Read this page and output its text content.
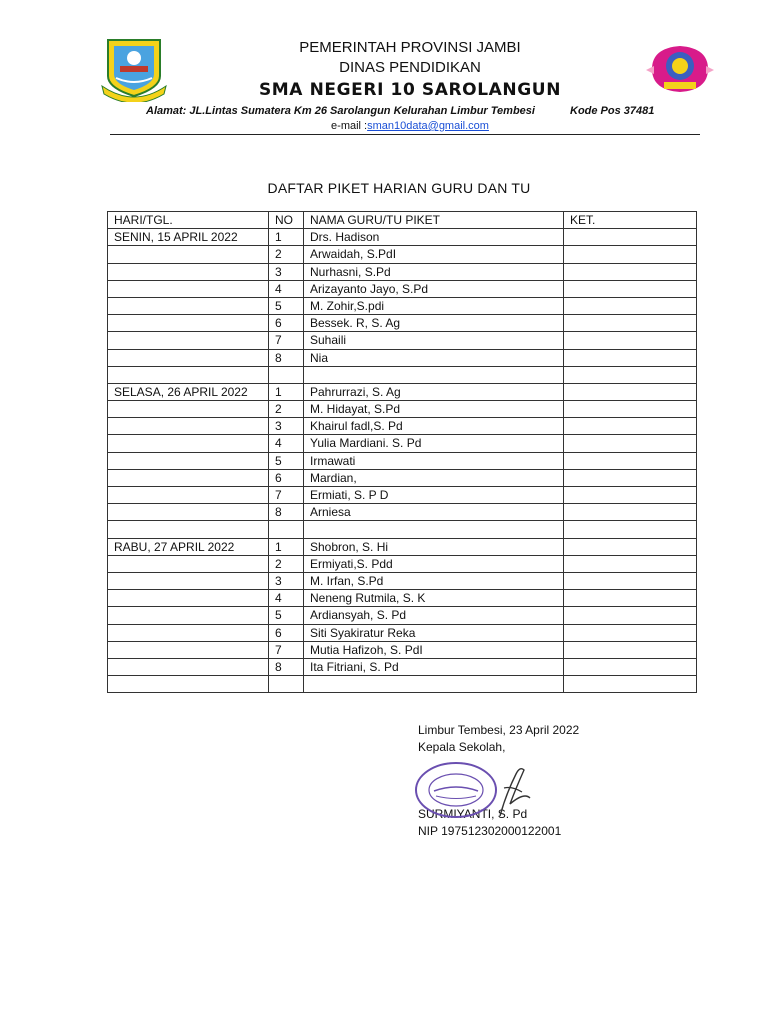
PEMERINTAH PROVINSI JAMBI
DINAS PENDIDIKAN
SMA NEGERI 10 SAROLANGUN
Alamat: JL.Lintas Sumatera Km 26 Sarolangun Kelurahan Limbur Tembesi	Kode Pos 37481
e-mail :sman10data@gmail.com
DAFTAR PIKET HARIAN GURU DAN TU
HARI/TGL.	NO	NAMA GURU/TU PIKET	KET.
SENIN, 15 APRIL 2022	1	Drs. Hadison	
	2	Arwaidah, S.PdI	
	3	Nurhasni, S.Pd	
	4	Arizayanto Jayo, S.Pd	
	5	M. Zohir,S.pdi	
	6	Bessek. R, S. Ag	
	7	Suhaili	
	8	Nia	

SELASA, 26 APRIL 2022	1	Pahrurrazi, S. Ag	
	2	M. Hidayat, S.Pd	
	3	Khairul fadl,S. Pd	
	4	Yulia Mardiani. S. Pd	
	5	Irmawati	
	6	Mardian,	
	7	Ermiati, S. P D	
	8	Arniesa	

RABU, 27 APRIL 2022	1	Shobron, S. Hi	
	2	Ermiyati,S. Pdd	
	3	M. Irfan, S.Pd	
	4	Neneng Rutmila, S. K	
	5	Ardiansyah, S. Pd	
	6	Siti Syakiratur Reka	
	7	Mutia Hafizoh, S. PdI	
	8	Ita Fitriani, S. Pd	

Limbur Tembesi, 23 April 2022
Kepala Sekolah,
SURMIYANTI, S. Pd
NIP 197512302000122001
